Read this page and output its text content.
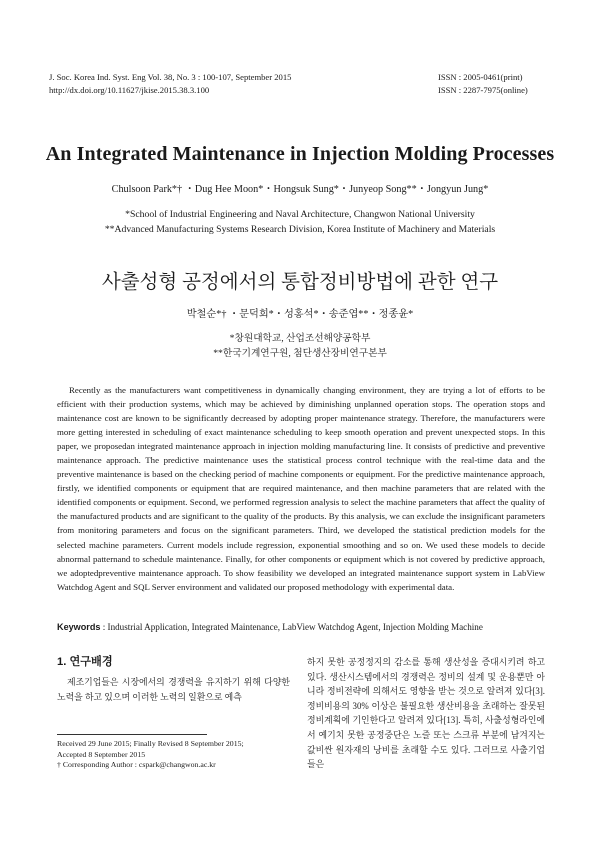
J. Soc. Korea Ind. Syst. Eng Vol. 38, No. 3 : 100-107, September 2015
http://dx.doi.org/10.11627/jkise.2015.38.3.100
ISSN : 2005-0461(print)
ISSN : 2287-7975(online)
An Integrated Maintenance in Injection Molding Processes
Chulsoon Park*† ・Dug Hee Moon*・Hongsuk Sung*・Junyeop Song**・Jongyun Jung*
*School of Industrial Engineering and Naval Architecture, Changwon National University
**Advanced Manufacturing Systems Research Division, Korea Institute of Machinery and Materials
사출성형 공정에서의 통합정비방법에 관한 연구
박철순*† ・문덕희*・성홍석*・송준엽**・정종윤*
*창원대학교, 산업조선해양공학부
**한국기계연구원, 첨단생산장비연구본부

Recently as the manufacturers want competitiveness in dynamically changing environment, they are trying a lot of efforts to be efficient with their production systems, which may be achieved by diminishing unplanned operation stops. The operation stops and maintenance cost are known to be significantly decreased by adopting proper maintenance strategy. Therefore, the manufacturers were more getting interested in scheduling of exact maintenance scheduling to keep smooth operation and prevent unexpected stops. In this paper, we proposedan integrated maintenance approach in injection molding manufacturing line. It consists of predictive and preventive maintenance approach. The predictive maintenance uses the statistical process control technique with the real-time data and the preventive maintenance is based on the checking period of machine components or equipment. For the predictive maintenance approach, firstly, we identified components or equipment that are required maintenance, and then machine parameters that are related with the identified components or equipment. Second, we performed regression analysis to select the machine parameters that affect the quality of the manufactured products and are significant to the quality of the products. By this analysis, we can exclude the insignificant parameters from monitoring parameters and focus on the significant parameters. Third, we developed the statistical prediction models for the selected machine parameters. Current models include regression, exponential smoothing and so on. We used these models to decide abnormal patternand to schedule maintenance. Finally, for other components or equipment which is not covered by predictive approach, we adoptedpreventive maintenance approach. To show feasibility we developed an integrated maintenance support system in LabView Watchdog Agent and SQL Server environment and validated our proposed methodology with experimental data.

Keywords : Industrial Application, Integrated Maintenance, LabView Watchdog Agent, Injection Molding Machine
1. 연구배경

제조기업들은 시장에서의 경쟁력을 유지하기 위해 다양한 노력을 하고 있으며 이러한 노력의 일환으로 예측

Received 29 June 2015; Finally Revised 8 September 2015;
Accepted 8 September 2015
† Corresponding Author : cspark@changwon.ac.kr

하지 못한 공정정지의 감소를 통해 생산성을 증대시키려 하고 있다. 생산시스템에서의 경쟁력은 정비의 설계 및 운용뿐만 아니라 정비전략에 의해서도 영향을 받는 것으로 알려져 있다[3]. 정비비용의 30% 이상은 불필요한 생산비용을 초래하는 잘못된 정비계획에 기인한다고 알려져 있다[13]. 특히, 사출성형라인에서 예기치 못한 공정중단은 노즐 또는 스크류 부분에 남겨지는 값비싼 원자재의 낭비를 초래할 수도 있다. 그러므로 사출기업들은
